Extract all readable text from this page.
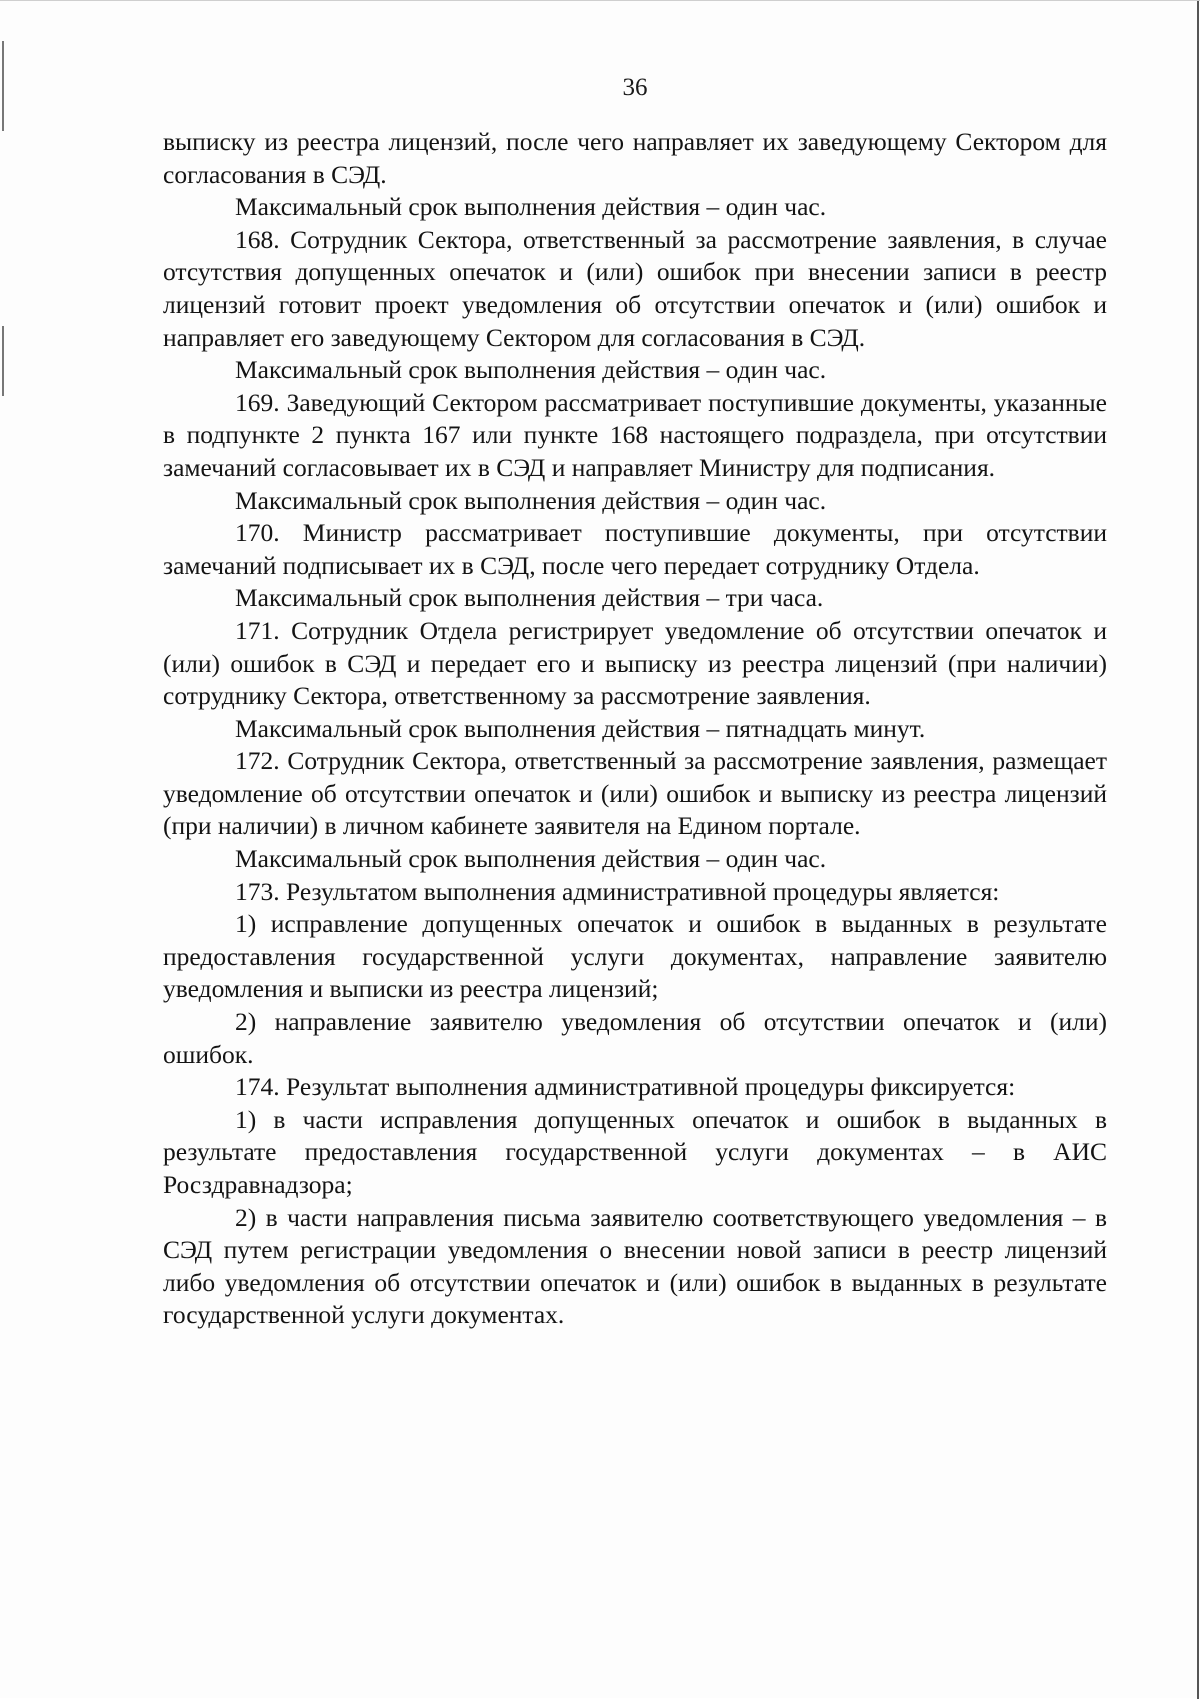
36

выписку из реестра лицензий, после чего направляет их заведующему Сектором для согласования в СЭД.

Максимальный срок выполнения действия – один час.

168. Сотрудник Сектора, ответственный за рассмотрение заявления, в случае отсутствия допущенных опечаток и (или) ошибок при внесении записи в реестр лицензий готовит проект уведомления об отсутствии опечаток и (или) ошибок и направляет его заведующему Сектором для согласования в СЭД.

Максимальный срок выполнения действия – один час.

169. Заведующий Сектором рассматривает поступившие документы, указанные в подпункте 2 пункта 167 или пункте 168 настоящего подраздела, при отсутствии замечаний согласовывает их в СЭД и направляет Министру для подписания.

Максимальный срок выполнения действия – один час.

170. Министр рассматривает поступившие документы, при отсутствии замечаний подписывает их в СЭД, после чего передает сотруднику Отдела.

Максимальный срок выполнения действия – три часа.

171. Сотрудник Отдела регистрирует уведомление об отсутствии опечаток и (или) ошибок в СЭД и передает его и выписку из реестра лицензий (при наличии) сотруднику Сектора, ответственному за рассмотрение заявления.

Максимальный срок выполнения действия – пятнадцать минут.

172. Сотрудник Сектора, ответственный за рассмотрение заявления, размещает уведомление об отсутствии опечаток и (или) ошибок и выписку из реестра лицензий (при наличии) в личном кабинете заявителя на Едином портале.

Максимальный срок выполнения действия – один час.

173. Результатом выполнения административной процедуры является:

1) исправление допущенных опечаток и ошибок в выданных в результате предоставления государственной услуги документах, направление заявителю уведомления и выписки из реестра лицензий;

2) направление заявителю уведомления об отсутствии опечаток и (или) ошибок.

174. Результат выполнения административной процедуры фиксируется:

1) в части исправления допущенных опечаток и ошибок в выданных в результате предоставления государственной услуги документах – в АИС Росздравнадзора;

2) в части направления письма заявителю соответствующего уведомления – в СЭД путем регистрации уведомления о внесении новой записи в реестр лицензий либо уведомления об отсутствии опечаток и (или) ошибок в выданных в результате государственной услуги документах.
